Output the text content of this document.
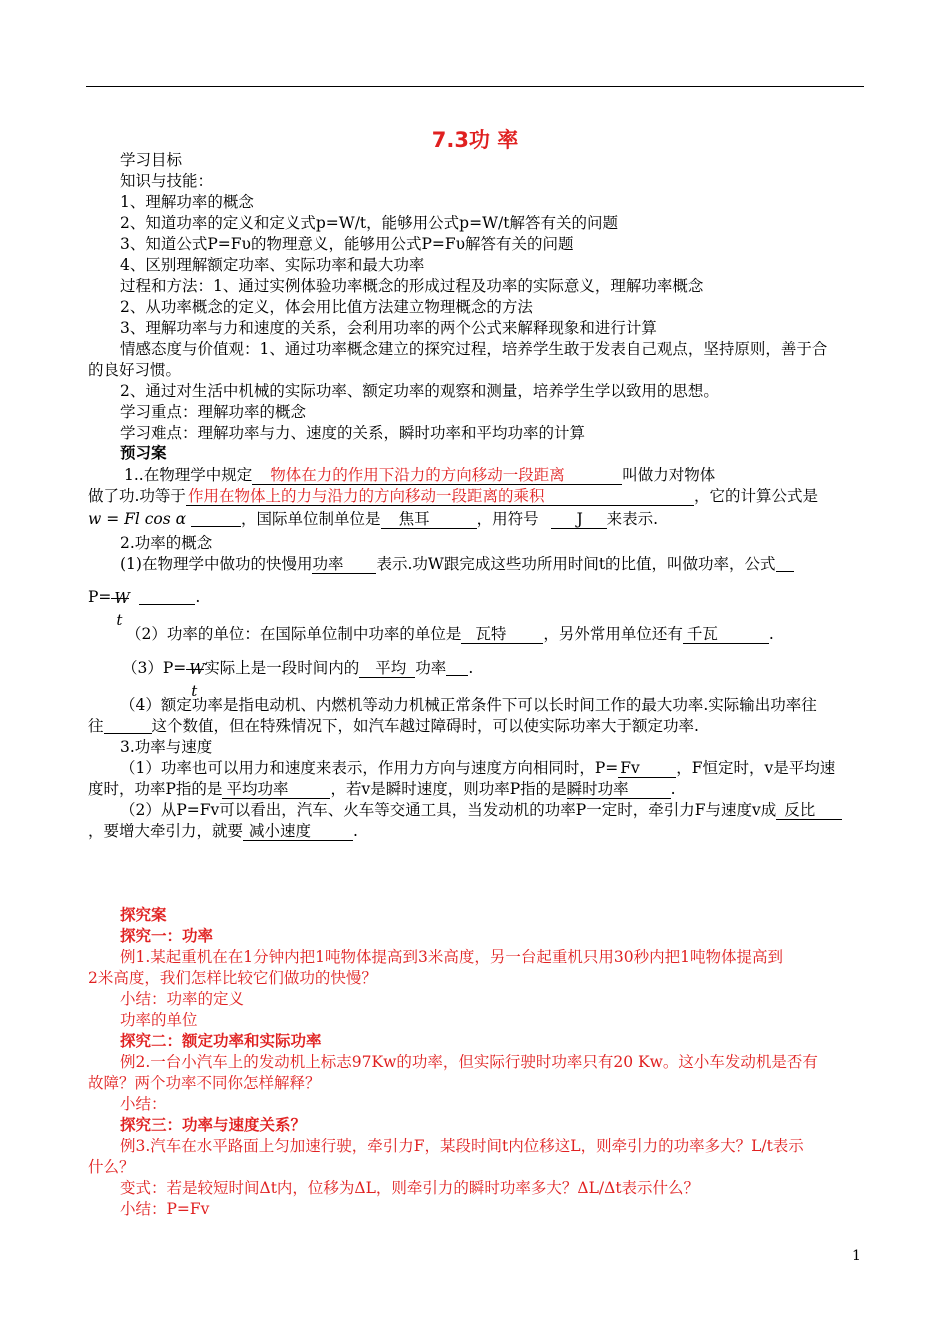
7.3功 率
学习目标
知识与技能：
1、理解功率的概念
2、知道功率的定义和定义式p=W/t，能够用公式p=W/t解答有关的问题
3、知道公式P=Fυ的物理意义，能够用公式P=Fυ解答有关的问题
4、区别理解额定功率、实际功率和最大功率
过程和方法：1、通过实例体验功率概念的形成过程及功率的实际意义，理解功率概念
2、从功率概念的定义，体会用比值方法建立物理概念的方法
3、理解功率与力和速度的关系，会利用功率的两个公式来解释现象和进行计算
情感态度与价值观：1、通过功率概念建立的探究过程，培养学生敢于发表自己观点，坚持原则，善于合
的良好习惯。
2、通过对生活中机械的实际功率、额定功率的观察和测量，培养学生学以致用的思想。
学习重点：理解功率的概念
学习难点：理解功率与力、速度的关系，瞬时功率和平均功率的计算
预习案
1..在物理学中规定 物体在力的作用下沿力的方向移动一段距离	叫做力对物体
做了功.功等于 作用在物体上的力与沿力的方向移动一段距离的乘积	，它的计算公式是
w = Fl cos α	，国际单位制单位是 焦耳	，用符号 J 来表示.
2.功率的概念
(1)在物理学中做功的快慢用功率 表示.功W跟完成这些功所用时间t的比值，叫做功率，公式
P= W
t
.
（2）功率的单位：在国际单位制中功率的单位是 瓦特 ，另外常用单位还有 千瓦	.
（3）P= W
t
实际上是一段时间内的 平均 功率 .
（4）额定功率是指电动机、内燃机等动力机械正常条件下可以长时间工作的最大功率.实际输出功率往
往	这个数值，但在特殊情况下，如汽车越过障碍时，可以使实际功率大于额定功率.
3.功率与速度
（1）功率也可以用力和速度来表示，作用力方向与速度方向相同时，P= Fv ，F恒定时，v是平均速
度时，功率P指的是 平均功率	，若v是瞬时速度，则功率P指的是瞬时功率	.
（2）从P=Fv可以看出，汽车、火车等交通工具，当发动机的功率P一定时，牵引力F与速度v成 反比
，要增大牵引力，就要 减小速度	.
探究案
探究一：功率
例1.某起重机在在1分钟内把1吨物体提高到3米高度，另一台起重机只用30秒内把1吨物体提高到
2米高度，我们怎样比较它们做功的快慢？
小结：功率的定义
功率的单位
探究二：额定功率和实际功率
例2.一台小汽车上的发动机上标志97Kw的功率，但实际行驶时功率只有20 Kw。这小车发动机是否有
故障？两个功率不同你怎样解释？
小结：
探究三：功率与速度关系？
例3.汽车在水平路面上匀加速行驶，牵引力F，某段时间t内位移这L，则牵引力的功率多大？L/t表示
什么？
变式：若是较短时间Δt内，位移为ΔL，则牵引力的瞬时功率多大？ΔL/Δt表示什么？
小结：P=Fv
1
